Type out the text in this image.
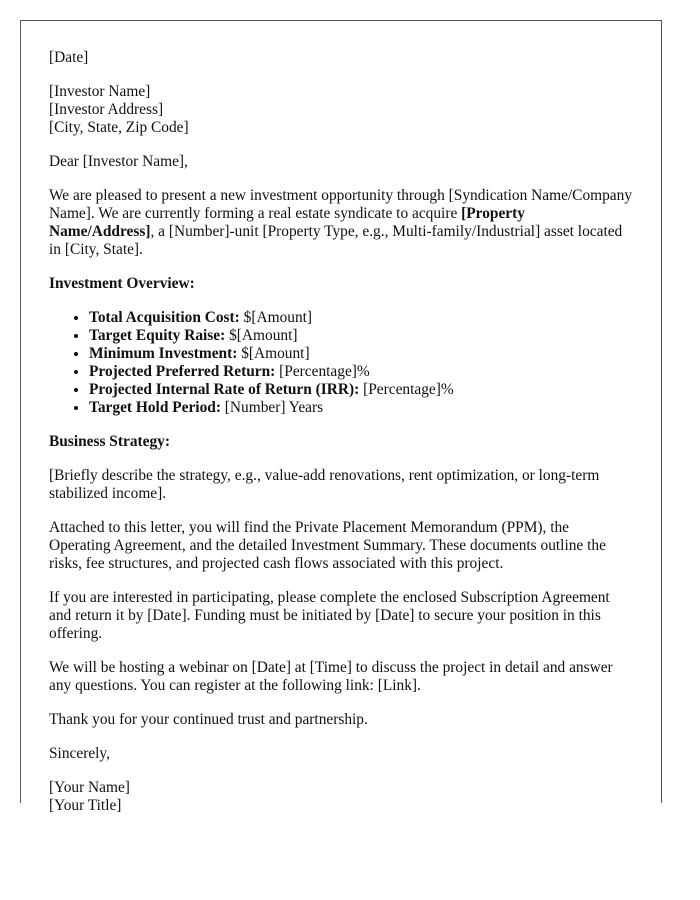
[Date]

[Investor Name]
[Investor Address]
[City, State, Zip Code]

Dear [Investor Name],

We are pleased to present a new investment opportunity through [Syndication Name/Company Name]. We are currently forming a real estate syndicate to acquire [Property Name/Address], a [Number]-unit [Property Type, e.g., Multi-family/Industrial] asset located in [City, State].

Investment Overview:

• Total Acquisition Cost: $[Amount]
• Target Equity Raise: $[Amount]
• Minimum Investment: $[Amount]
• Projected Preferred Return: [Percentage]%
• Projected Internal Rate of Return (IRR): [Percentage]%
• Target Hold Period: [Number] Years

Business Strategy:

[Briefly describe the strategy, e.g., value-add renovations, rent optimization, or long-term stabilized income].

Attached to this letter, you will find the Private Placement Memorandum (PPM), the Operating Agreement, and the detailed Investment Summary. These documents outline the risks, fee structures, and projected cash flows associated with this project.

If you are interested in participating, please complete the enclosed Subscription Agreement and return it by [Date]. Funding must be initiated by [Date] to secure your position in this offering.

We will be hosting a webinar on [Date] at [Time] to discuss the project in detail and answer any questions. You can register at the following link: [Link].

Thank you for your continued trust and partnership.

Sincerely,

[Your Name]
[Your Title]
